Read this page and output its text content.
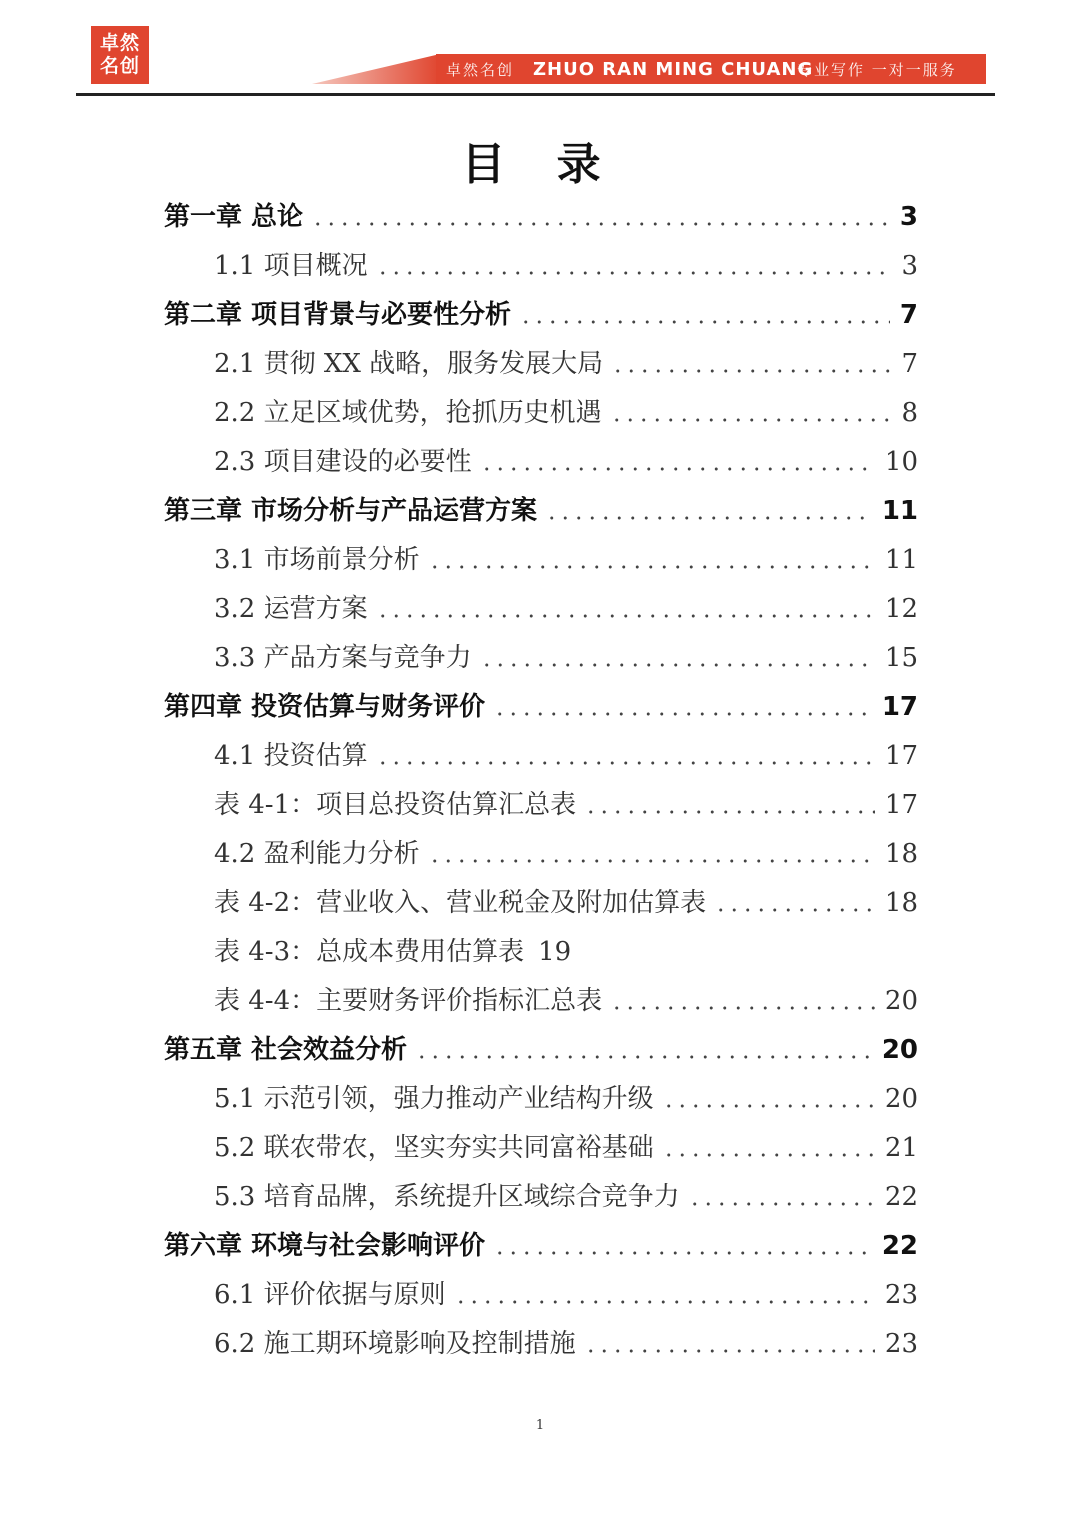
卓然
名创	卓然名创 ZHUO RAN MING CHUANG
专业写作 一对一服务
目 录
第一章 总论	3
1.1 项目概况	3
第二章 项目背景与必要性分析	7
2.1 贯彻 XX 战略，服务发展大局	7
2.2 立足区域优势，抢抓历史机遇	8
2.3 项目建设的必要性	10
第三章 市场分析与产品运营方案	11
3.1 市场前景分析	11
3.2 运营方案	12
3.3 产品方案与竞争力	15
第四章 投资估算与财务评价	17
4.1 投资估算	17
表 4-1：项目总投资估算汇总表	17
4.2 盈利能力分析	18
表 4-2：营业收入、营业税金及附加估算表	18
表 4-3：总成本费用估算表 19
表 4-4：主要财务评价指标汇总表	20
第五章 社会效益分析	20
5.1 示范引领，强力推动产业结构升级	20
5.2 联农带农，坚实夯实共同富裕基础	21
5.3 培育品牌，系统提升区域综合竞争力	22
第六章 环境与社会影响评价	22
6.1 评价依据与原则	23
6.2 施工期环境影响及控制措施	23
1
